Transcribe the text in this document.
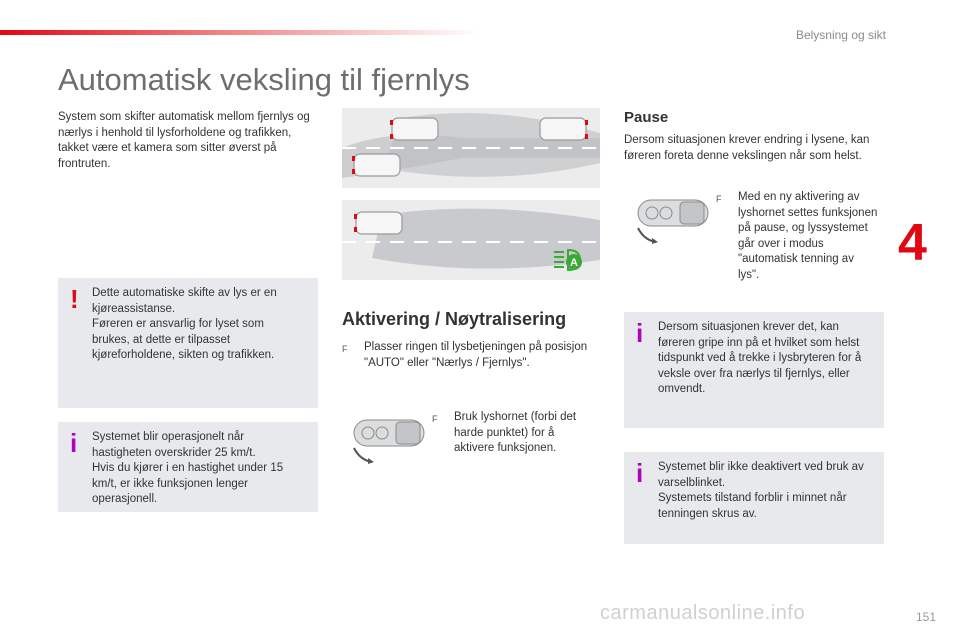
Belysning og sikt
4
151
carmanualsonline.info
Automatisk veksling til fjernlys

System som skifter automatisk mellom fjernlys og nærlys i henhold til lysforholdene og trafikken, takket være et kamera som sitter øverst på frontruten.

! Dette automatiske skifte av lys er en kjøreassistanse.
Føreren er ansvarlig for lyset som brukes, at dette er tilpasset kjøreforholdene, sikten og trafikken.
i Systemet blir operasjonelt når hastigheten overskrider 25 km/t.
Hvis du kjører i en hastighet under 15 km/t, er ikke funksjonen lenger operasjonell.
A
Aktivering / Nøytralisering
F Plasser ringen til lysbetjeningen på posisjon "AUTO" eller "Nærlys / Fjernlys".
F Bruk lyshornet (forbi det harde punktet) for å aktivere funksjonen.
Pause

Dersom situasjonen krever endring i lysene, kan føreren foreta denne vekslingen når som helst.

F Med en ny aktivering av lyshornet settes funksjonen på pause, og lyssystemet går over i modus "automatisk tenning av lys".
i Dersom situasjonen krever det, kan føreren gripe inn på et hvilket som helst tidspunkt ved å trekke i lysbryteren for å veksle over fra nærlys til fjernlys, eller omvendt.
i Systemet blir ikke deaktivert ved bruk av varselblinket.
Systemets tilstand forblir i minnet når tenningen skrus av.
